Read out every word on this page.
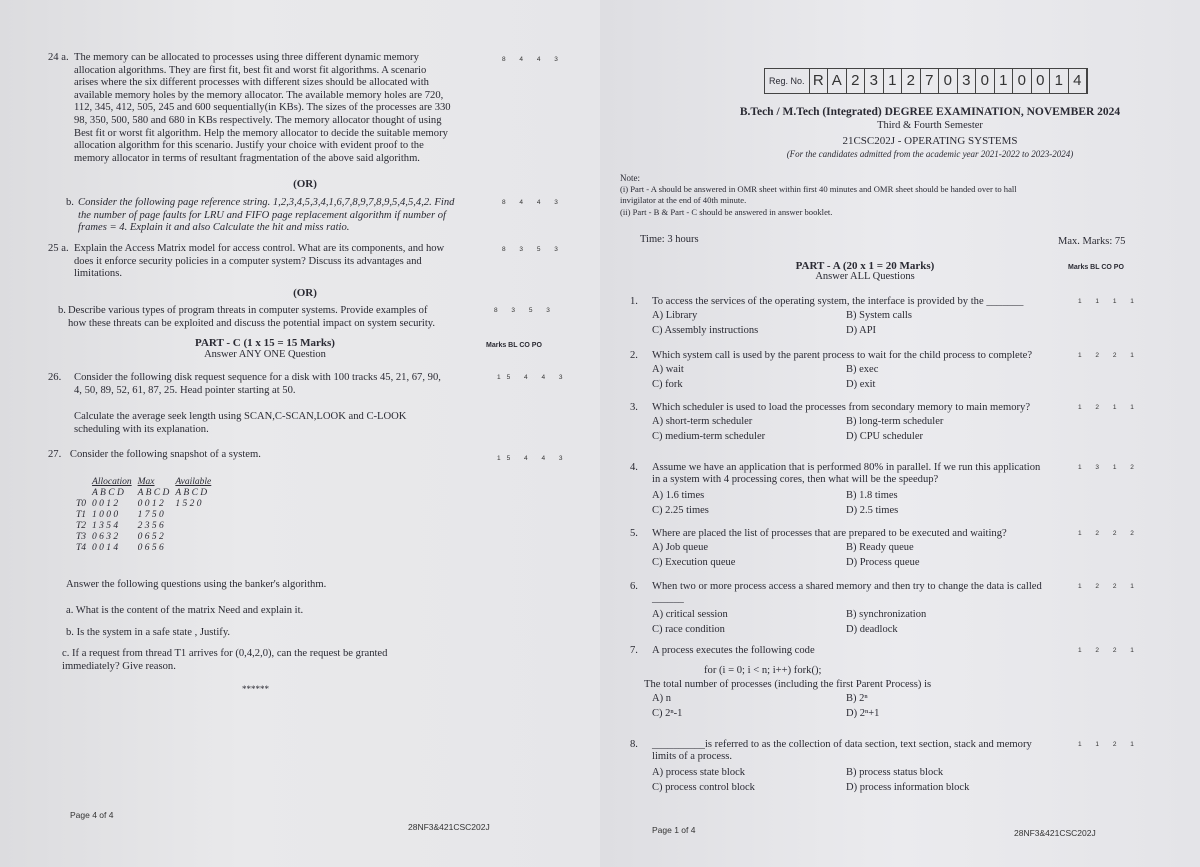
24 a. The memory can be allocated to processes using three different dynamic memory
allocation algorithms. They are first fit, best fit and worst fit algorithms. A scenario
arises where the six different processes with different sizes should be allocated with
available memory holes by the memory allocator. The available memory holes are 720,
112, 345, 412, 505, 245 and 600 sequentially(in KBs). The sizes of the processes are 330
98, 350, 500, 580 and 680 in KBs respectively. The memory allocator thought of using
Best fit or worst fit algorithm. Help the memory allocator to decide the suitable memory
allocation algorithm for this scenario. Justify your choice with evident proof to the
memory allocator in terms of resultant fragmentation of the above said algorithm.
8 4 4 3
(OR)
b. Consider the following page reference string. 1,2,3,4,5,3,4,1,6,7,8,9,7,8,9,5,4,5,4,2. Find
the number of page faults for LRU and FIFO page replacement algorithm if number of
frames = 4. Explain it and also Calculate the hit and miss ratio.
8 4 4 3
25 a. Explain the Access Matrix model for access control. What are its components, and how
does it enforce security policies in a computer system? Discuss its advantages and
limitations.
8 3 5 3
(OR)
b. Describe various types of program threats in computer systems. Provide examples of
how these threats can be exploited and discuss the potential impact on system security.
8 3 5 3
PART - C (1 x 15 = 15 Marks)
Answer ANY ONE Question
Marks BL CO PO
26. Consider the following disk request sequence for a disk with 100 tracks 45, 21, 67, 90,
4, 50, 89, 52, 61, 87, 25. Head pointer starting at 50.
Calculate the average seek length using SCAN,C-SCAN,LOOK and C-LOOK
scheduling with its explanation.
15 4 4 3
27. Consider the following snapshot of a system.	15 4 4 3
	Allocation	Max	Available
	A B C D	A B C D	A B C D
T0	0 0 1 2	0 0 1 2	1 5 2 0
T1	1 0 0 0	1 7 5 0	
T2	1 3 5 4	2 3 5 6	
T3	0 6 3 2	0 6 5 2	
T4	0 0 1 4	0 6 5 6	
Answer the following questions using the banker's algorithm.
a. What is the content of the matrix Need and explain it.
b. Is the system in a safe state , Justify.
c. If a request from thread T1 arrives for (0,4,2,0), can the request be granted
immediately? Give reason.
******
Page 4 of 4
28NF3&421CSC202J
Reg. No. R A 2 3 1 2 7 0 3 0 1 0 0 1 4
B.Tech / M.Tech (Integrated) DEGREE EXAMINATION, NOVEMBER 2024
Third & Fourth Semester
21CSC202J - OPERATING SYSTEMS
(For the candidates admitted from the academic year 2021-2022 to 2023-2024)
Note:
(i) Part - A should be answered in OMR sheet within first 40 minutes and OMR sheet should be handed over to hall
invigilator at the end of 40th minute.
(ii) Part - B & Part - C should be answered in answer booklet.
Time: 3 hours	Max. Marks: 75
PART - A (20 x 1 = 20 Marks)
Answer ALL Questions
Marks BL CO PO
1. To access the services of the operating system, the interface is provided by the _______
A) Library	B) System calls
C) Assembly instructions	D) API
1 1 1 1
2. Which system call is used by the parent process to wait for the child process to complete?
A) wait	B) exec
C) fork	D) exit
1 2 2 1
3. Which scheduler is used to load the processes from secondary memory to main memory?
A) short-term scheduler	B) long-term scheduler
C) medium-term scheduler	D) CPU scheduler
1 2 1 1
4. Assume we have an application that is performed 80% in parallel. If we run this application
in a system with 4 processing cores, then what will be the speedup?
A) 1.6 times	B) 1.8 times
C) 2.25 times	D) 2.5 times
1 3 1 2
5. Where are placed the list of processes that are prepared to be executed and waiting?
A) Job queue	B) Ready queue
C) Execution queue	D) Process queue
1 2 2 2
6. When two or more process access a shared memory and then try to change the data is called
______
A) critical session	B) synchronization
C) race condition	D) deadlock
1 2 2 1
7. A process executes the following code
for (i = 0; i < n; i++) fork();
The total number of processes (including the first Parent Process) is
A) n	B) 2ⁿ
C) 2ⁿ-1	D) 2ⁿ+1
1 2 2 1
8. __________is referred to as the collection of data section, text section, stack and memory
limits of a process.
A) process state block	B) process status block
C) process control block	D) process information block
1 1 2 1
Page 1 of 4	28NF3&421CSC202J
